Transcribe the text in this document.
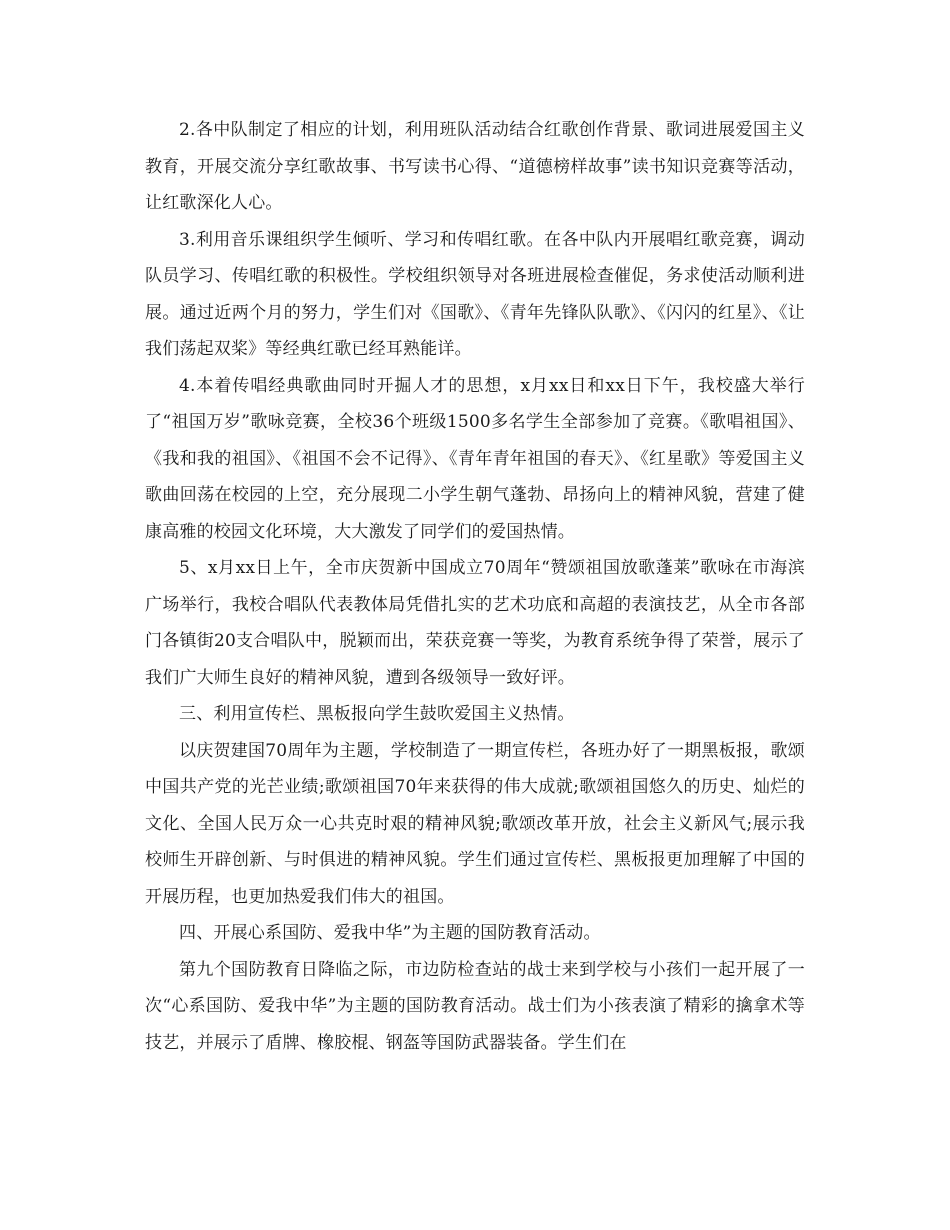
2.各中队制定了相应的计划，利用班队活动结合红歌创作背景、歌词进展爱国主义教育，开展交流分享红歌故事、书写读书心得、“道德榜样故事”读书知识竞赛等活动，让红歌深化人心。

3.利用音乐课组织学生倾听、学习和传唱红歌。在各中队内开展唱红歌竞赛，调动队员学习、传唱红歌的积极性。学校组织领导对各班进展检查催促，务求使活动顺利进展。通过近两个月的努力，学生们对《国歌》、《青年先锋队队歌》、《闪闪的红星》、《让我们荡起双桨》等经典红歌已经耳熟能详。

4.本着传唱经典歌曲同时开掘人才的思想，x月xx日和xx日下午，我校盛大举行了“祖国万岁”歌咏竞赛，全校36个班级1500多名学生全部参加了竞赛。《歌唱祖国》、《我和我的祖国》、《祖国不会不记得》、《青年青年祖国的春天》、《红星歌》等爱国主义歌曲回荡在校园的上空，充分展现二小学生朝气蓬勃、昂扬向上的精神风貌，营建了健康高雅的校园文化环境，大大激发了同学们的爱国热情。

5、x月xx日上午，全市庆贺新中国成立70周年“赞颂祖国放歌蓬莱”歌咏在市海滨广场举行，我校合唱队代表教体局凭借扎实的艺术功底和高超的表演技艺，从全市各部门各镇街20支合唱队中，脱颖而出，荣获竞赛一等奖，为教育系统争得了荣誉，展示了我们广大师生良好的精神风貌，遭到各级领导一致好评。

三、利用宣传栏、黑板报向学生鼓吹爱国主义热情。

以庆贺建国70周年为主题，学校制造了一期宣传栏，各班办好了一期黑板报，歌颂中国共产党的光芒业绩;歌颂祖国70年来获得的伟大成就;歌颂祖国悠久的历史、灿烂的文化、全国人民万众一心共克时艰的精神风貌;歌颂改革开放，社会主义新风气;展示我校师生开辟创新、与时俱进的精神风貌。学生们通过宣传栏、黑板报更加理解了中国的开展历程，也更加热爱我们伟大的祖国。

四、开展心系国防、爱我中华”为主题的国防教育活动。

第九个国防教育日降临之际，市边防检查站的战士来到学校与小孩们一起开展了一次“心系国防、爱我中华”为主题的国防教育活动。战士们为小孩表演了精彩的擒拿术等技艺，并展示了盾牌、橡胶棍、钢盔等国防武器装备。学生们在
